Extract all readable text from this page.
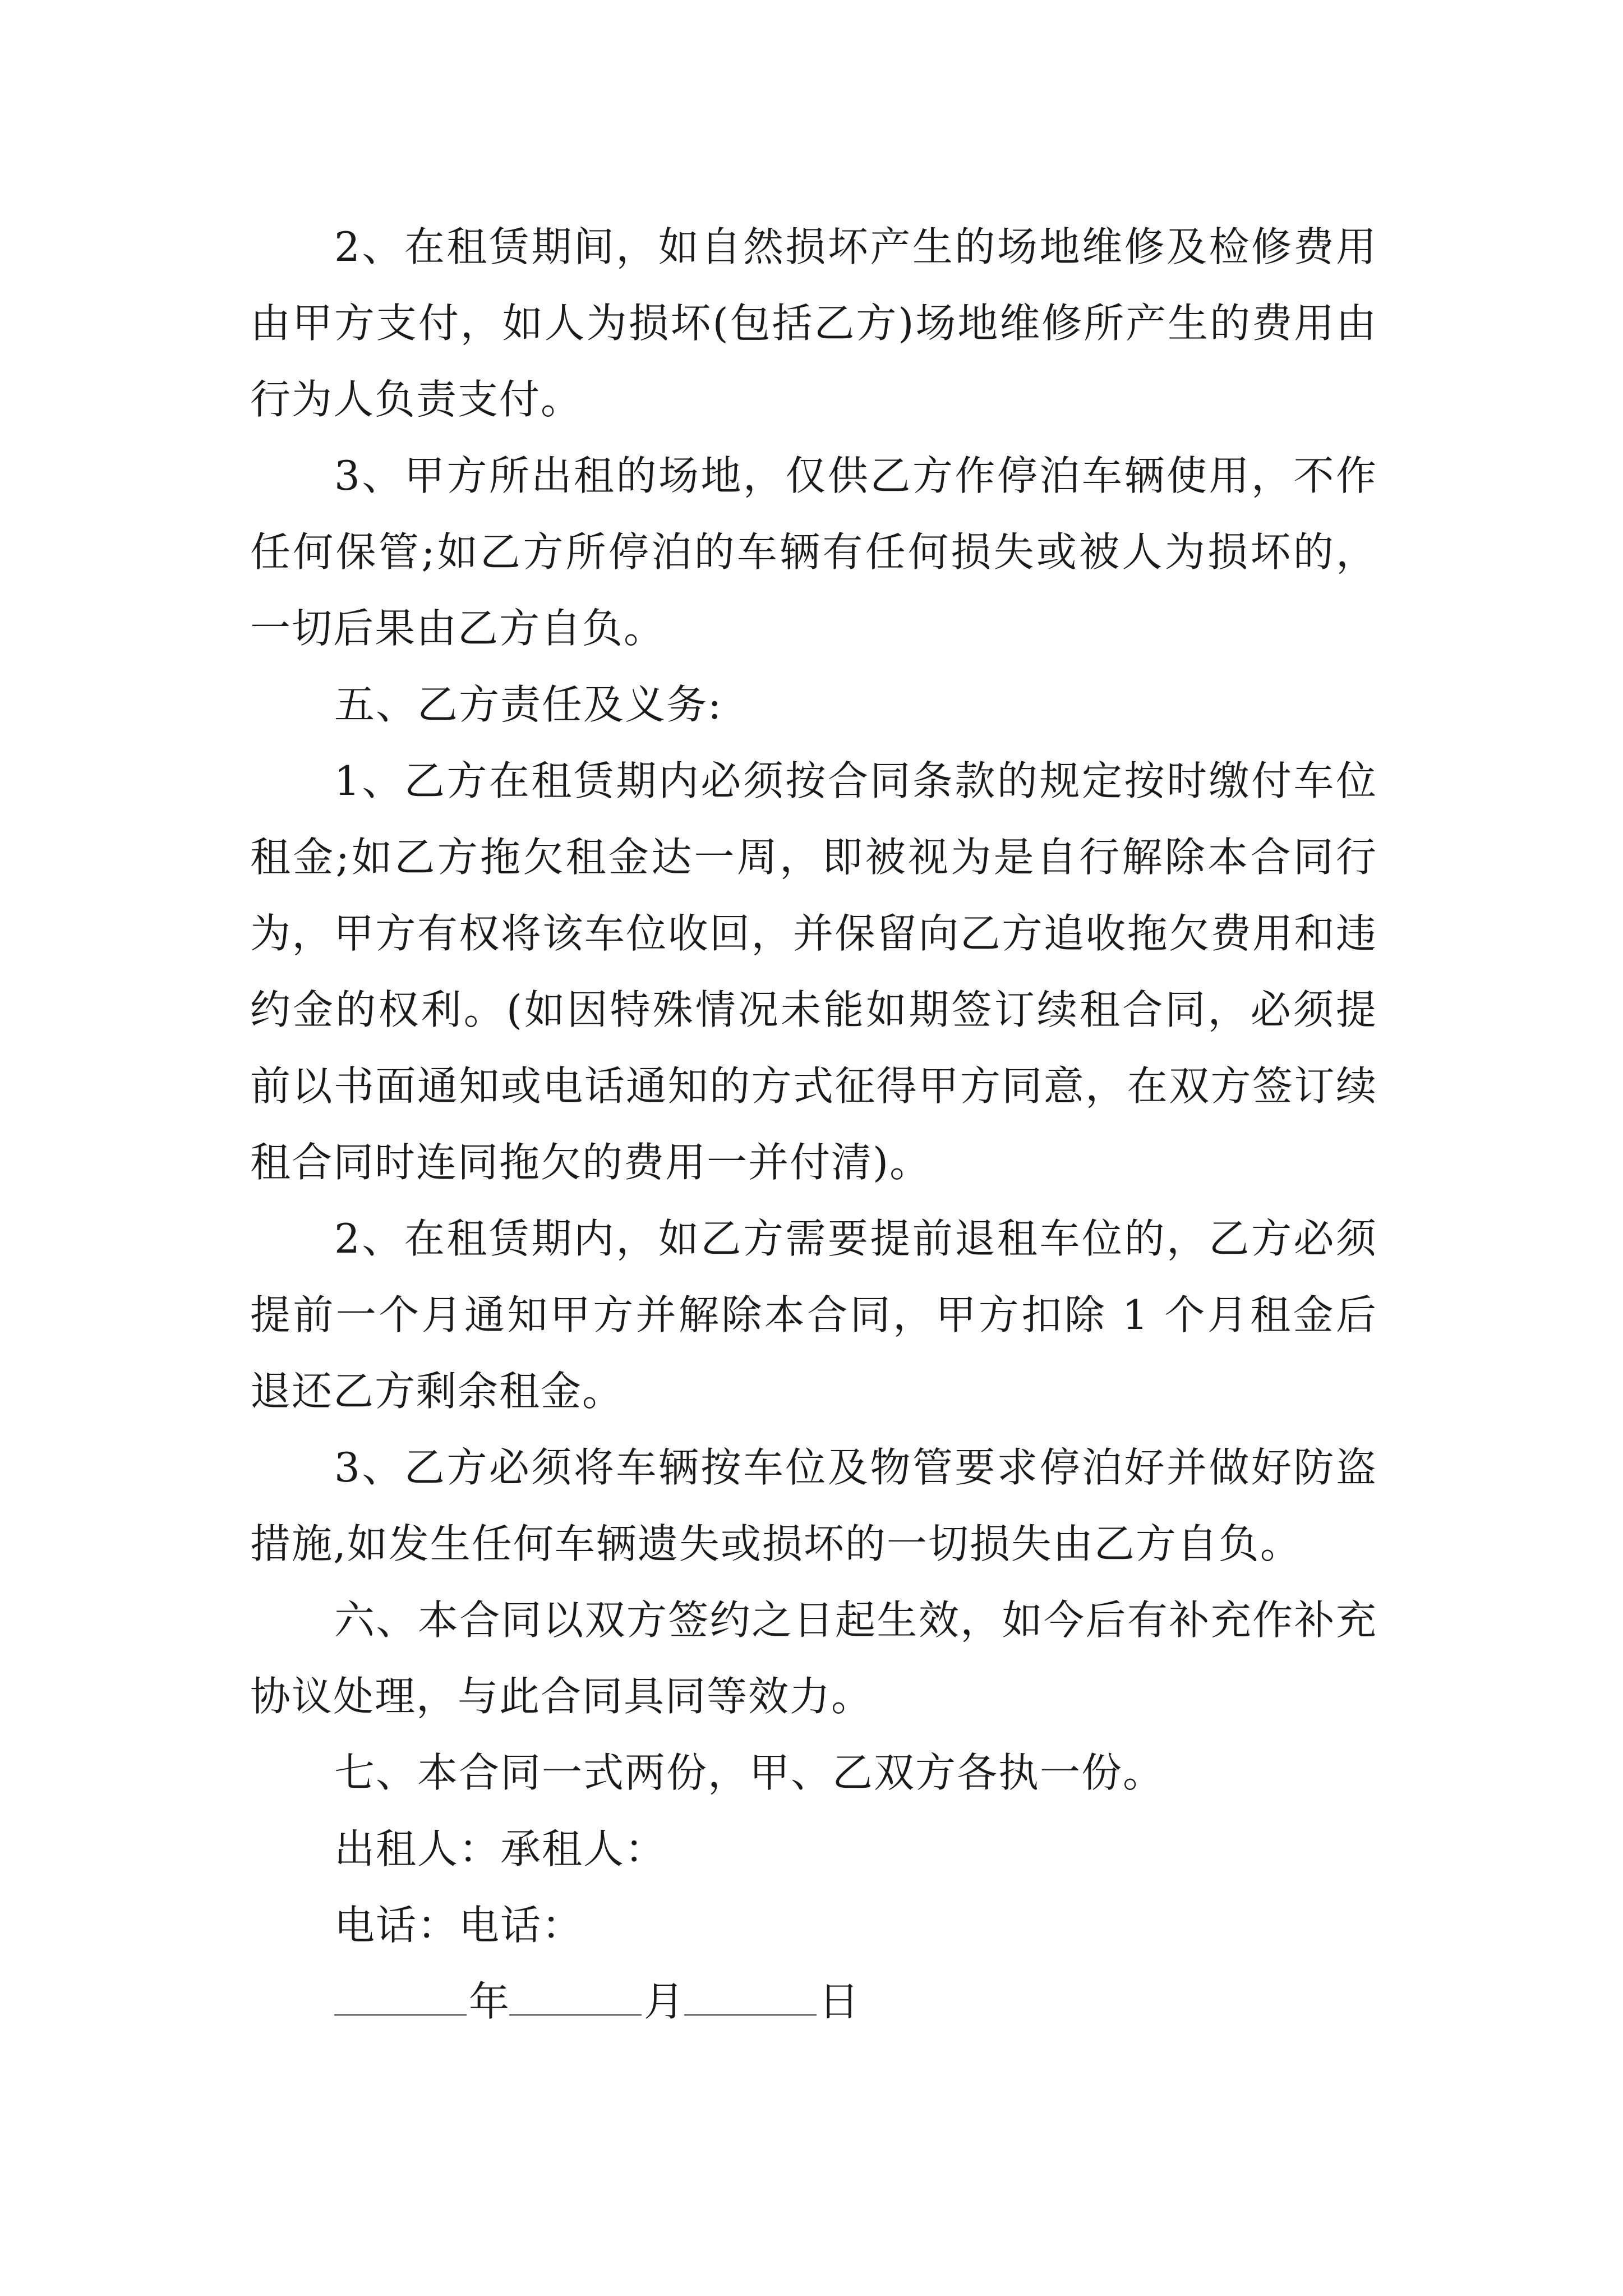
2、在租赁期间，如自然损坏产生的场地维修及检修费用由甲方支付，如人为损坏(包括乙方)场地维修所产生的费用由行为人负责支付。

3、甲方所出租的场地，仅供乙方作停泊车辆使用，不作任何保管;如乙方所停泊的车辆有任何损失或被人为损坏的，一切后果由乙方自负。

五、乙方责任及义务:

1、乙方在租赁期内必须按合同条款的规定按时缴付车位租金;如乙方拖欠租金达一周，即被视为是自行解除本合同行为，甲方有权将该车位收回，并保留向乙方追收拖欠费用和违约金的权利。(如因特殊情况未能如期签订续租合同，必须提前以书面通知或电话通知的方式征得甲方同意，在双方签订续租合同时连同拖欠的费用一并付清)。

2、在租赁期内，如乙方需要提前退租车位的，乙方必须提前一个月通知甲方并解除本合同，甲方扣除 1 个月租金后退还乙方剩余租金。

3、乙方必须将车辆按车位及物管要求停泊好并做好防盗措施,如发生任何车辆遗失或损坏的一切损失由乙方自负。

六、本合同以双方签约之日起生效，如今后有补充作补充协议处理，与此合同具同等效力。

七、本合同一式两份，甲、乙双方各执一份。

出租人：承租人：

电话：电话：

年	月	日
